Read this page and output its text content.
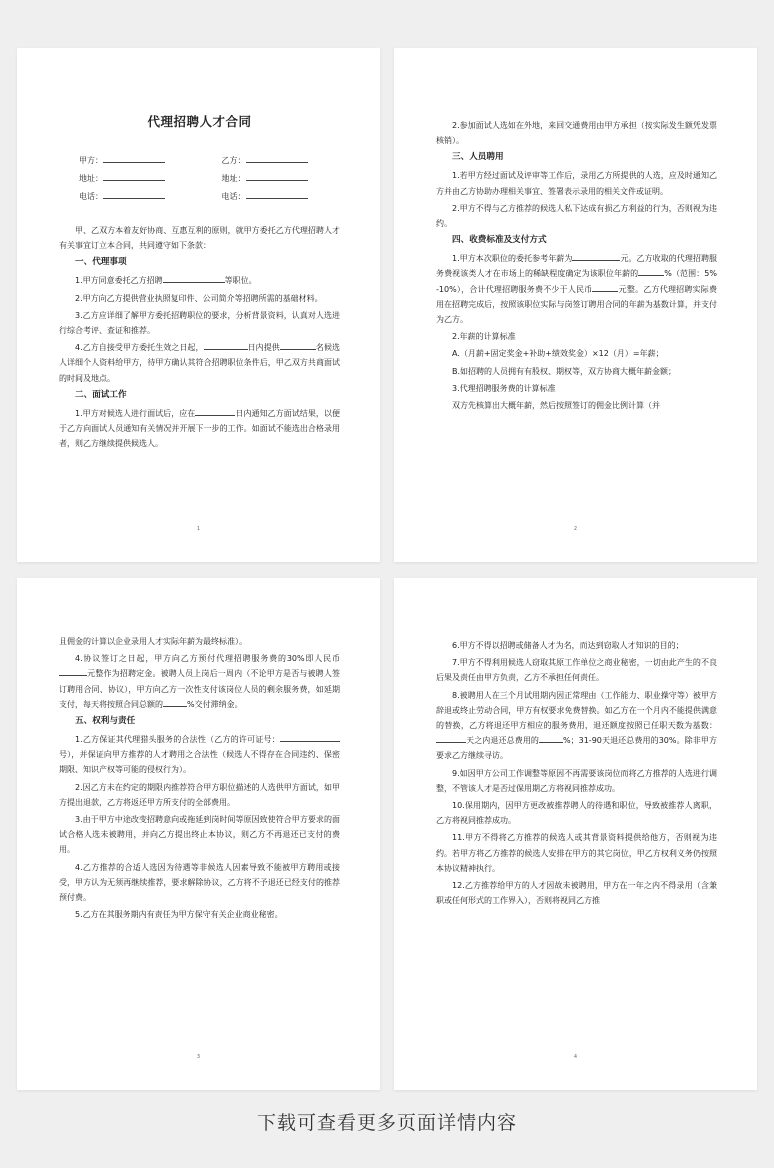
代理招聘人才合同
甲方：	乙方：
地址：	地址：
电话：	电话：

甲、乙双方本着友好协商、互惠互利的原则，就甲方委托乙方代理招聘人才有关事宜订立本合同，共同遵守如下条款：

一、代理事项

1.甲方同意委托乙方招聘	等职位。

2.甲方向乙方提供营业执照复印件、公司简介等招聘所需的基础材料。

3.乙方应详细了解甲方委托招聘职位的要求，分析背景资料，认真对人选进行综合考评、查证和推荐。

4.乙方自接受甲方委托生效之日起，	日内提供	名候选人详细个人资料给甲方，待甲方确认其符合招聘职位条件后，甲乙双方共商面试的时间及地点。

二、面试工作

1.甲方对候选人进行面试后，应在	日内通知乙方面试结果，以便于乙方向面试人员通知有关情况并开展下一步的工作。如面试不能选出合格录用者，则乙方继续提供候选人。

1

2.参加面试人选如在外地，来回交通费用由甲方承担（按实际发生额凭发票核销）。

三、人员聘用

1.若甲方经过面试及评审等工作后，录用乙方所提供的人选，应及时通知乙方并由乙方协助办理相关事宜、签署表示录用的相关文件或证明。

2.甲方不得与乙方推荐的候选人私下达成有损乙方利益的行为，否则视为违约。

四、收费标准及支付方式

1.甲方本次职位的委托参考年薪为	元。乙方收取的代理招聘服务费视该类人才在市场上的稀缺程度确定为该职位年薪的	%（范围：5%-10%），合计代理招聘服务费不少于人民币	元整。乙方代理招聘实际费用在招聘完成后，按照该职位实际与岗签订聘用合同的年薪为基数计算，并支付为乙方。

2.年薪的计算标准

A.（月薪+固定奖金+补助+绩效奖金）×12（月）=年薪；

B.如招聘的人员拥有有股权、期权等，双方协商大概年薪金额；

3.代理招聘服务费的计算标准

双方先核算出大概年薪，然后按照签订的佣金比例计算（并

2

且佣金的计算以企业录用人才实际年薪为最终标准）。

4.协议签订之日起，甲方向乙方预付代理招聘服务费的30%即人民币元整作为招聘定金。被聘人员上岗后一周内（不论甲方是否与被聘人签订聘用合同、协议），甲方向乙方一次性支付该岗位人员的剩余服务费，如延期支付，每天将按照合同总额的	%交付滞纳金。

五、权利与责任

1.乙方保证其代理猎头服务的合法性（乙方的许可证号：号），并保证向甲方推荐的人才聘用之合法性（候选人不得存在合同违约、保密期限、知识产权等可能的侵权行为）。

2.因乙方未在约定的期限内推荐符合甲方职位描述的人选供甲方面试，如甲方提出退款，乙方将返还甲方所支付的全部费用。

3.由于甲方中途改变招聘意向或拖延到岗时间等原因致使符合甲方要求的面试合格人选未被聘用，并向乙方提出终止本协议，则乙方不再退还已支付的费用。

4.乙方推荐的合适人选因为待遇等非候选人因素导致不能被甲方聘用或接受，甲方认为无须再继续推荐，要求解除协议，乙方将不予退还已经支付的推荐预付费。

5.乙方在其服务期内有责任为甲方保守有关企业商业秘密。

3

6.甲方不得以招聘或储备人才为名，而达到窃取人才知识的目的；

7.甲方不得利用候选人窃取其原工作单位之商业秘密，一切由此产生的不良后果及责任由甲方负责，乙方不承担任何责任。

8.被聘用人在三个月试用期内因正常理由（工作能力、职业操守等）被甲方辞退或终止劳动合同，甲方有权要求免费替换。如乙方在一个月内不能提供满意的替换，乙方将退还甲方相应的服务费用，退还额度按照已任职天数为基数：天之内退还总费用的	%；31-90天退还总费用的30%。除非甲方要求乙方继续寻访。

9.如因甲方公司工作调整等原因不再需要该岗位而将乙方推荐的人选进行调整，不管该人才是否过保用期乙方将视同推荐成功。

10.保用期内，因甲方更改被推荐聘人的待遇和职位，导致被推荐人离职，乙方将视同推荐成功。

11.甲方不得将乙方推荐的候选人或其背景资料提供给他方，否则视为违约。若甲方将乙方推荐的候选人安排在甲方的其它岗位，甲乙方权利义务仍按照本协议精神执行。

12.乙方推荐给甲方的人才因故未被聘用，甲方在一年之内不得录用（含兼职或任何形式的工作界入），否则将视同乙方推

4
下载可查看更多页面详情内容
